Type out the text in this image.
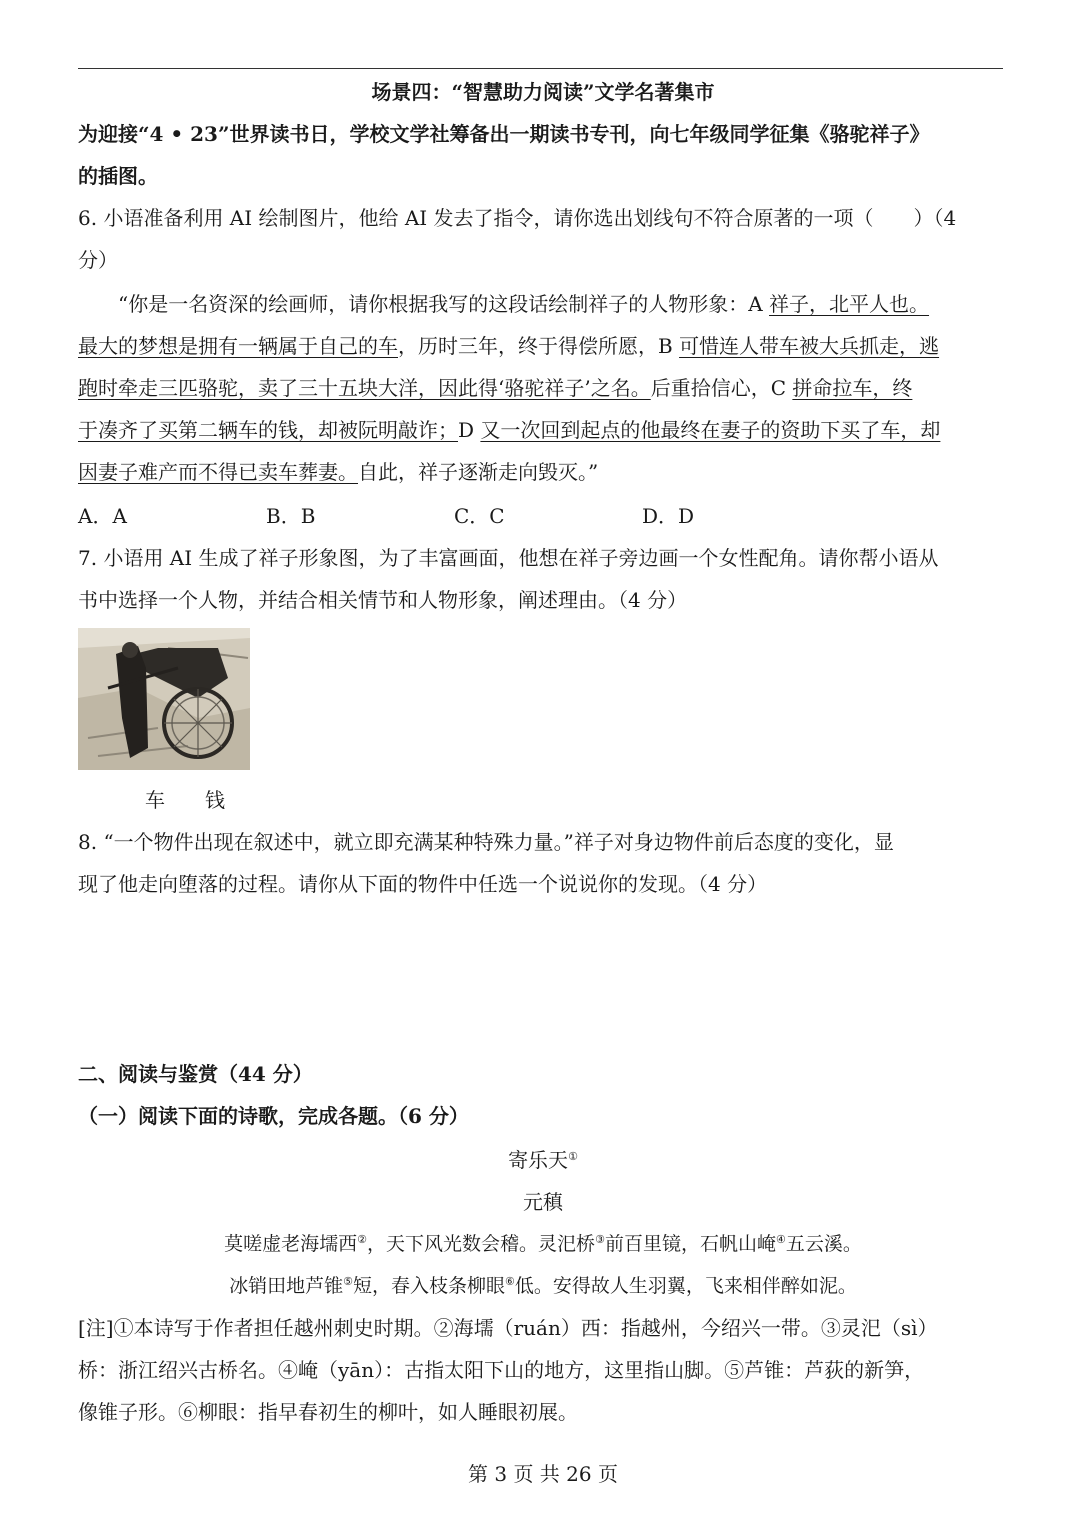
场景四：“智慧助力阅读”文学名著集市
为迎接“4 • 23”世界读书日，学校文学社筹备出一期读书专刊，向七年级同学征集《骆驼祥子》
的插图。
6. 小语准备利用 AI 绘制图片，他给 AI 发去了指令，请你选出划线句不符合原著的一项（　　）（4
分）
“你是一名资深的绘画师，请你根据我写的这段话绘制祥子的人物形象：A 祥子，北平人也。
最大的梦想是拥有一辆属于自己的车，历时三年，终于得偿所愿，B 可惜连人带车被大兵抓走，逃
跑时牵走三匹骆驼，卖了三十五块大洋，因此得‘骆驼祥子’之名。后重拾信心，C 拼命拉车，终
于凑齐了买第二辆车的钱，却被阮明敲诈；D 又一次回到起点的他最终在妻子的资助下买了车，却
因妻子难产而不得已卖车葬妻。自此，祥子逐渐走向毁灭。”
A．A	B．B	C．C	D．D
7. 小语用 AI 生成了祥子形象图，为了丰富画面，他想在祥子旁边画一个女性配角。请你帮小语从
书中选择一个人物，并结合相关情节和人物形象，阐述理由。（4 分）
车 钱
8. “一个物件出现在叙述中，就立即充满某种特殊力量。”祥子对身边物件前后态度的变化，显
现了他走向堕落的过程。请你从下面的物件中任选一个说说你的发现。（4 分）
二、阅读与鉴赏（44 分）
（一）阅读下面的诗歌，完成各题。（6 分）
寄乐天①
元稹
莫嗟虚老海壖西②，天下风光数会稽。灵汜桥③前百里镜，石帆山崦④五云溪。
冰销田地芦锥⑤短，春入枝条柳眼⑥低。安得故人生羽翼，飞来相伴醉如泥。
[注]①本诗写于作者担任越州刺史时期。②海壖（ruán）西：指越州，今绍兴一带。③灵汜（sì）
桥：浙江绍兴古桥名。④崦（yān）：古指太阳下山的地方，这里指山脚。⑤芦锥：芦荻的新笋，
像锥子形。⑥柳眼：指早春初生的柳叶，如人睡眼初展。
第 3 页 共 26 页
